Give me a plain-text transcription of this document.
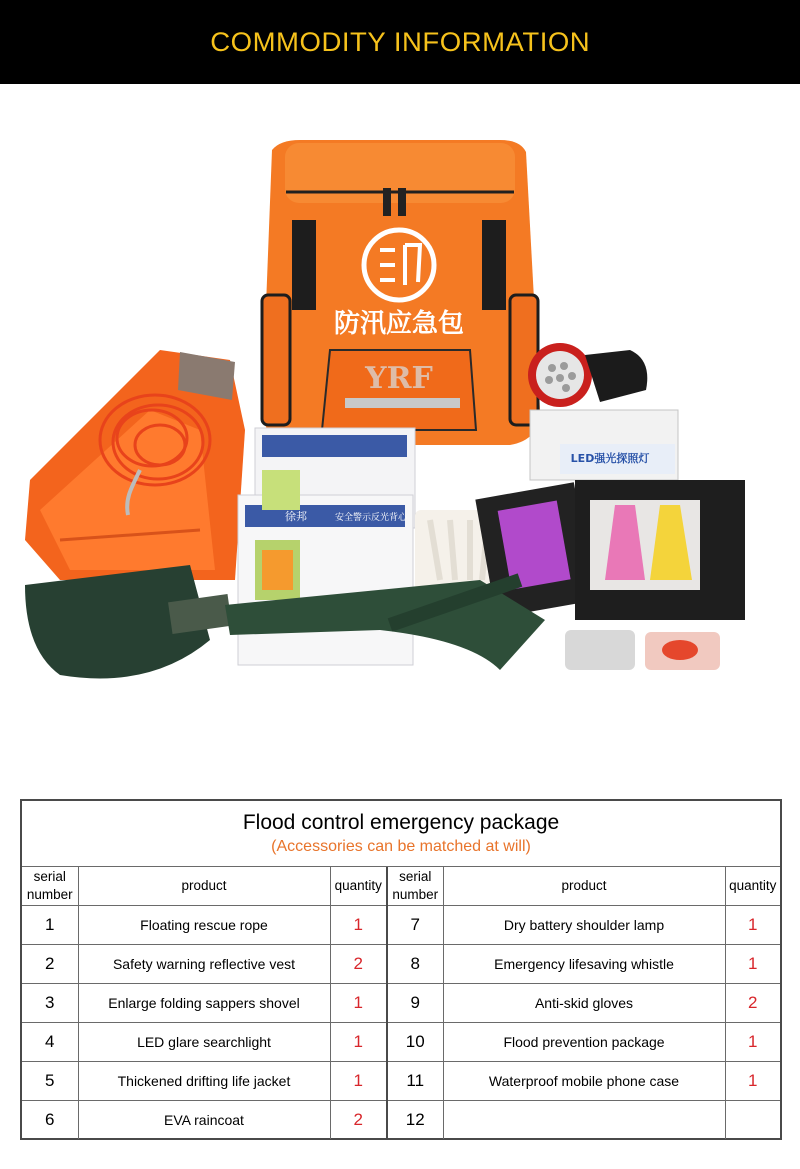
COMMODITY INFORMATION
防汛应急包
YRF
LED强光探照灯
徐邦	安全警示反光背心
Flood control emergency package
(Accessories can be matched at will)
serial number	product	quantity	serial number	product	quantity
1	Floating rescue rope	1	7	Dry battery shoulder lamp	1
2	Safety warning reflective vest	2	8	Emergency lifesaving whistle	1
3	Enlarge folding sappers shovel	1	9	Anti-skid gloves	2
4	LED glare searchlight	1	10	Flood prevention package	1
5	Thickened drifting life jacket	1	11	Waterproof mobile phone case	1
6	EVA raincoat	2	12		
